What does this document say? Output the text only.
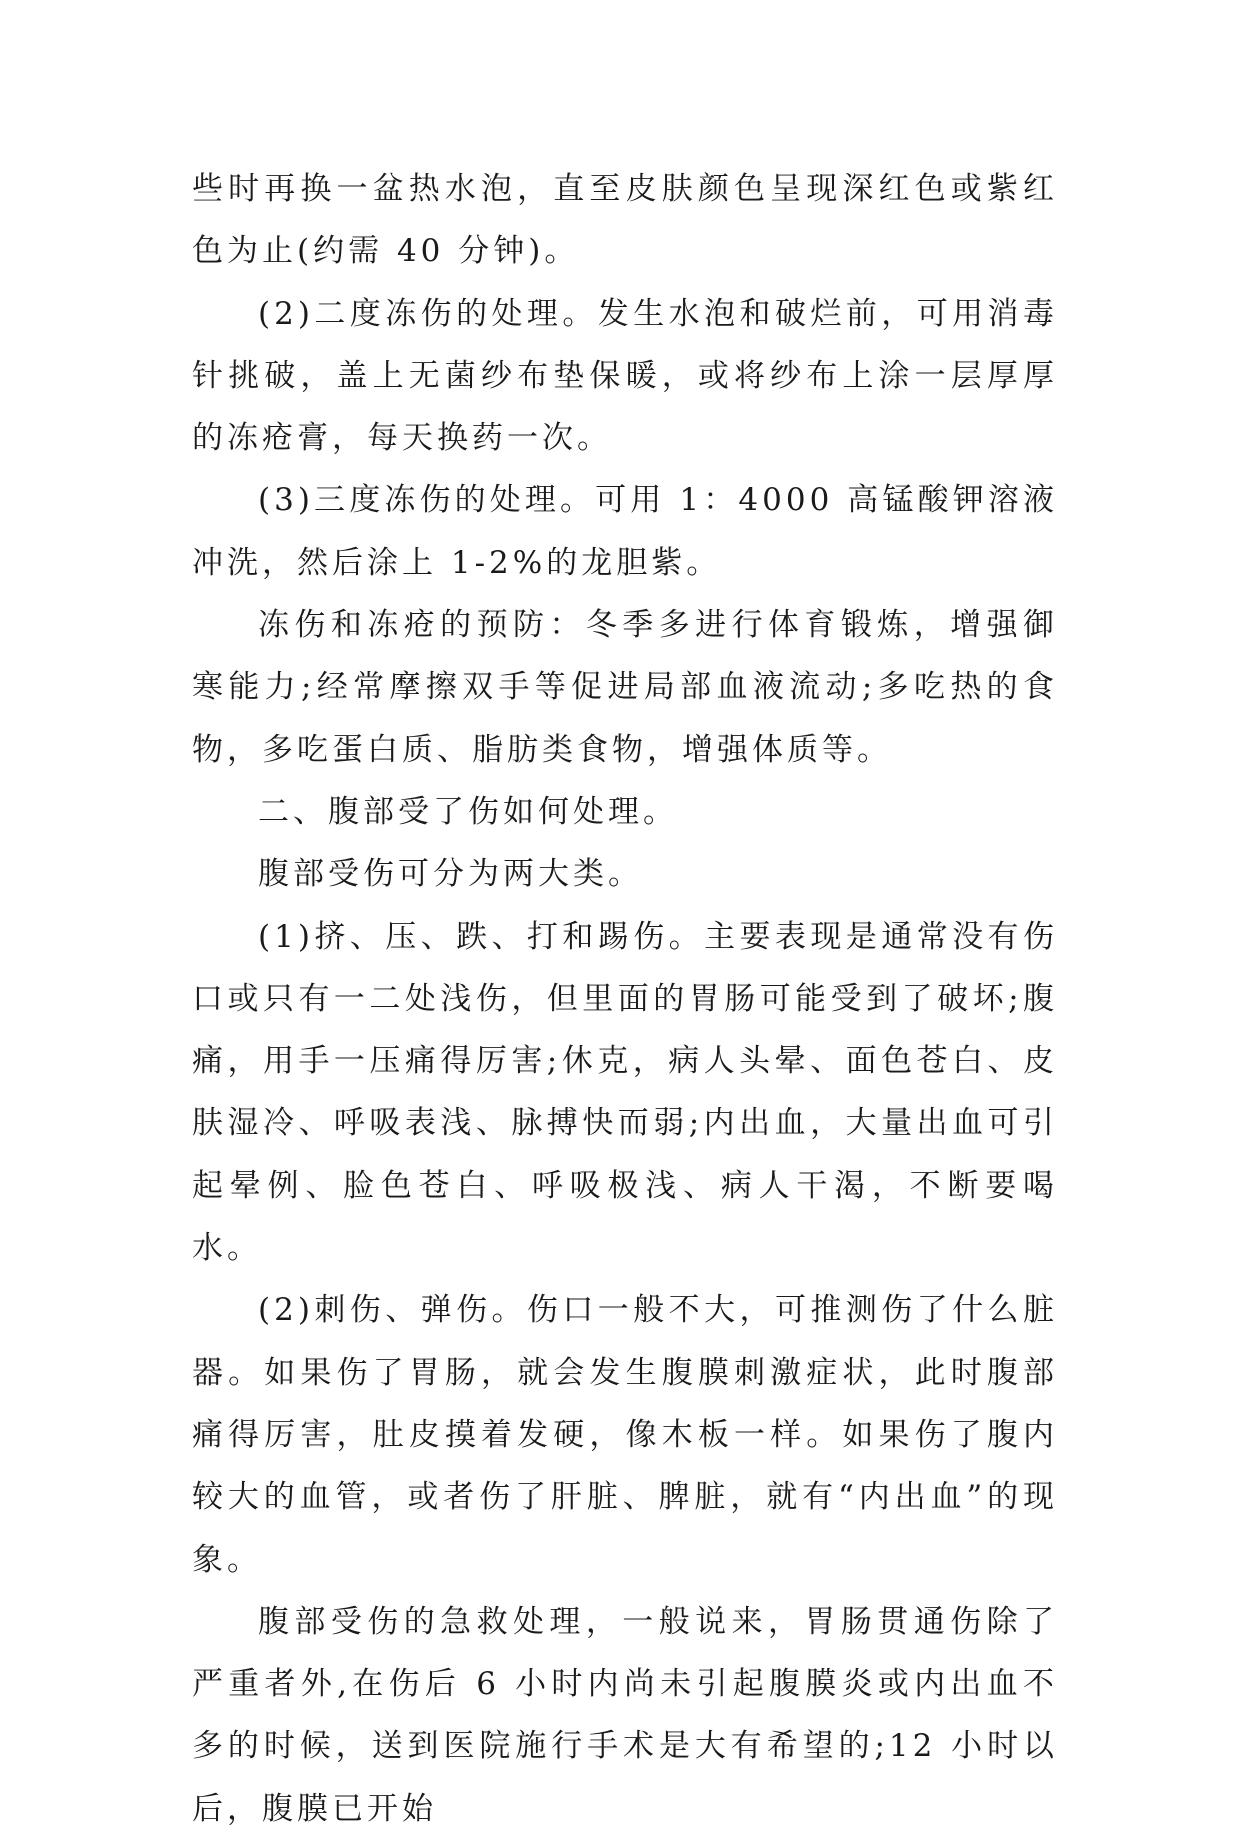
些时再换一盆热水泡，直至皮肤颜色呈现深红色或紫红色为止(约需 40 分钟)。

(2)二度冻伤的处理。发生水泡和破烂前，可用消毒针挑破，盖上无菌纱布垫保暖，或将纱布上涂一层厚厚的冻疮膏，每天换药一次。

(3)三度冻伤的处理。可用 1：4000 高锰酸钾溶液冲洗，然后涂上 1-2%的龙胆紫。

冻伤和冻疮的预防：冬季多进行体育锻炼，增强御寒能力;经常摩擦双手等促进局部血液流动;多吃热的食物，多吃蛋白质、脂肪类食物，增强体质等。

二、腹部受了伤如何处理。

腹部受伤可分为两大类。

(1)挤、压、跌、打和踢伤。主要表现是通常没有伤口或只有一二处浅伤，但里面的胃肠可能受到了破坏;腹痛，用手一压痛得厉害;休克，病人头晕、面色苍白、皮肤湿冷、呼吸表浅、脉搏快而弱;内出血，大量出血可引起晕例、脸色苍白、呼吸极浅、病人干渴，不断要喝水。

(2)刺伤、弹伤。伤口一般不大，可推测伤了什么脏器。如果伤了胃肠，就会发生腹膜刺激症状，此时腹部痛得厉害，肚皮摸着发硬，像木板一样。如果伤了腹内较大的血管，或者伤了肝脏、脾脏，就有“内出血”的现象。

腹部受伤的急救处理，一般说来，胃肠贯通伤除了严重者外,在伤后 6 小时内尚未引起腹膜炎或内出血不多的时候，送到医院施行手术是大有希望的;12 小时以后，腹膜已开始
